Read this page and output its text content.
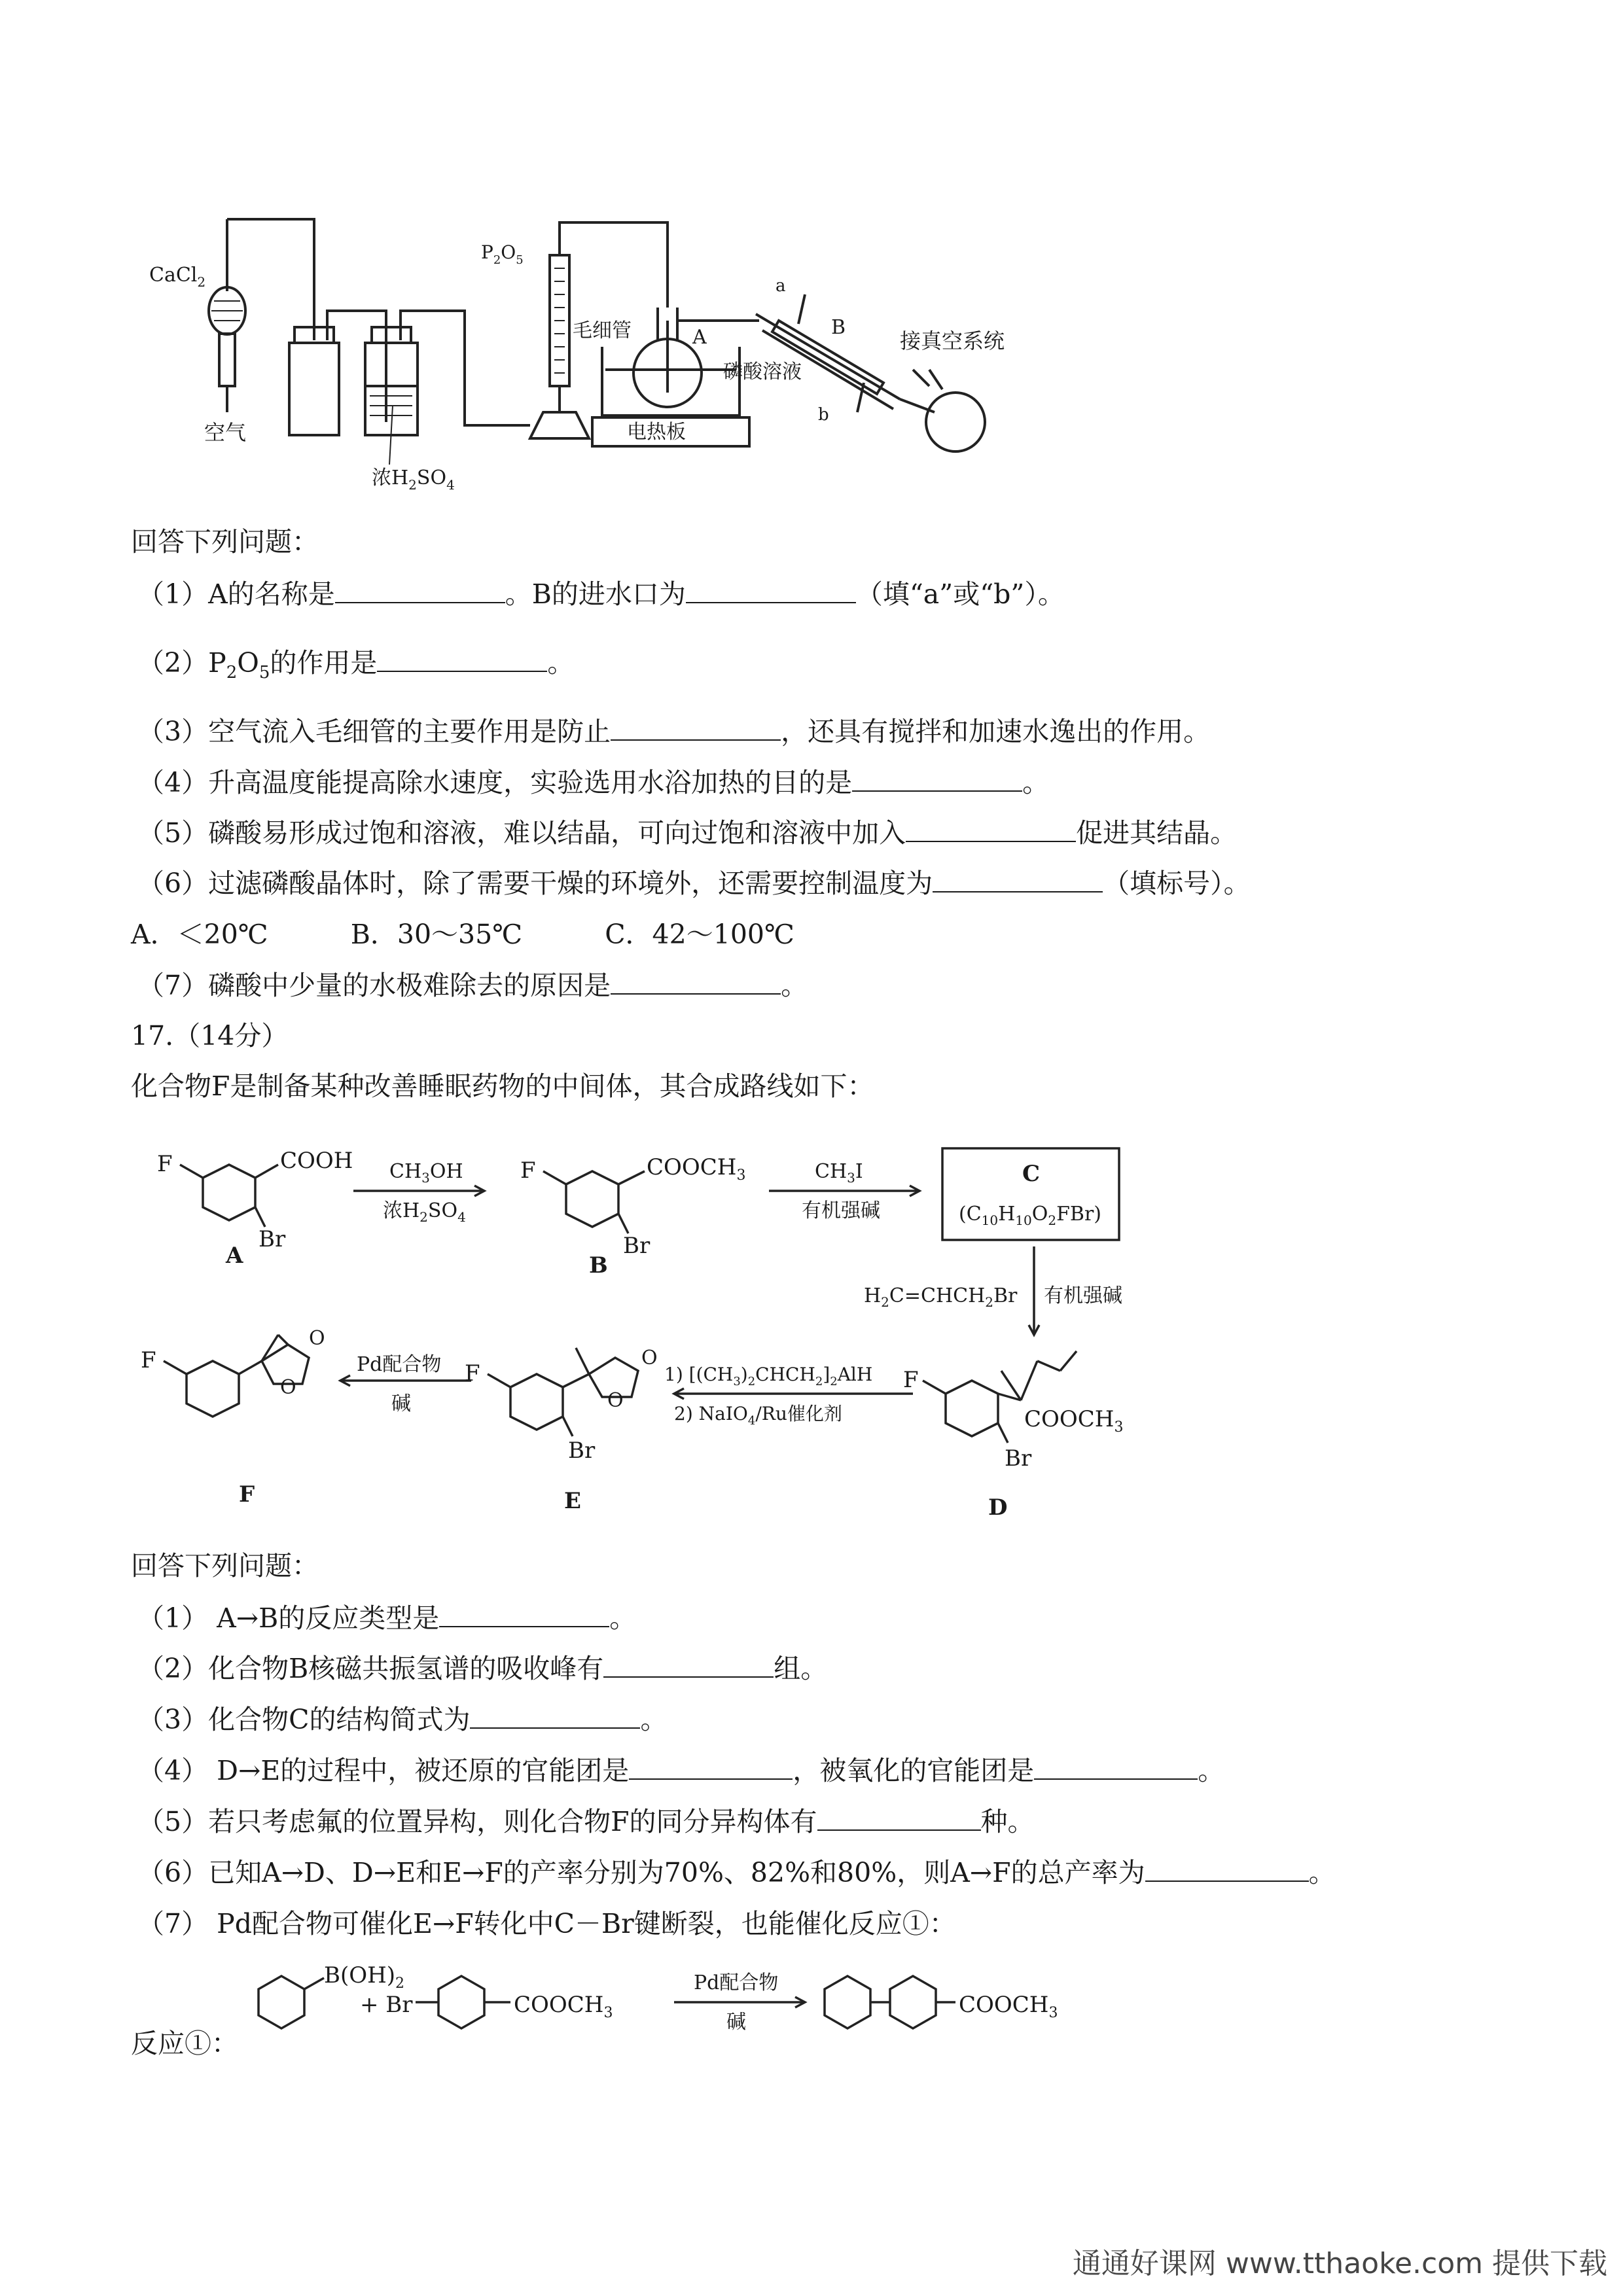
CaCl$_2$
空气
浓$H_2SO_4$
$P_2O_5$
毛细管	A
磷酸溶液
a
B
b
电热板
接真空系统
回答下列问题：
（1）A的名称是	。B的进水口为	（填“a”或“b”）。
$(2)P_2O_5$的作用是	。
（3）空气流入毛细管的主要作用是防止	，还具有搅拌和加速水逸出的作用。
（4）升高温度能提高除水速度，实验选用水浴加热的目的是	。
（5）磷酸易形成过饱和溶液，难以结晶，可向过饱和溶液中加入	促进其结晶。
（6）过滤磷酸晶体时，除了需要干燥的环境外，还需要控制温度为	（填标号）。
A．＜20℃	B．30～35℃	C．42～100℃
（7）磷酸中少量的水极难除去的原因是	。
17.（14分）
化合物F是制备某种改善睡眠药物的中间体，其合成路线如下：
F	COOH
Br
A
$CH_3OH$
浓$H_2SO_4$
F	$COOCH_3$
Br
B
$CH_3I$
有机强碱
C
$(C_{10}H_{10}O_2FBr)$
$H_2C=CHCH_2Br$ 有机强碱
F
$COOCH_3$
Br
D
1) $[(CH_3)_2CHCH_2]_2AlH$
2) NaIO$_4$/Ru催化剂
F
O
O
Br
E
Pd配合物
碱
F
O
O
F
回答下列问题：
（1） A→B的反应类型是	。
（2）化合物B核磁共振氢谱的吸收峰有	组。
（3）化合物C的结构简式为	。
（4） D→E的过程中，被还原的官能团是	，被氧化的官能团是	。
（5）若只考虑氟的位置异构，则化合物F的同分异构体有	种。
（6）已知A→D、D→E和E→F的产率分别为70%、82%和80%，则A→F的总产率为	。
（7） Pd配合物可催化E→F转化中C－Br键断裂，也能催化反应①：
$B(OH)_2$
+ Br	$COOCH_3$
Pd配合物
碱
$COOCH_3$
反应①：
通通好课网 www.tthaoke.com 提供下载
